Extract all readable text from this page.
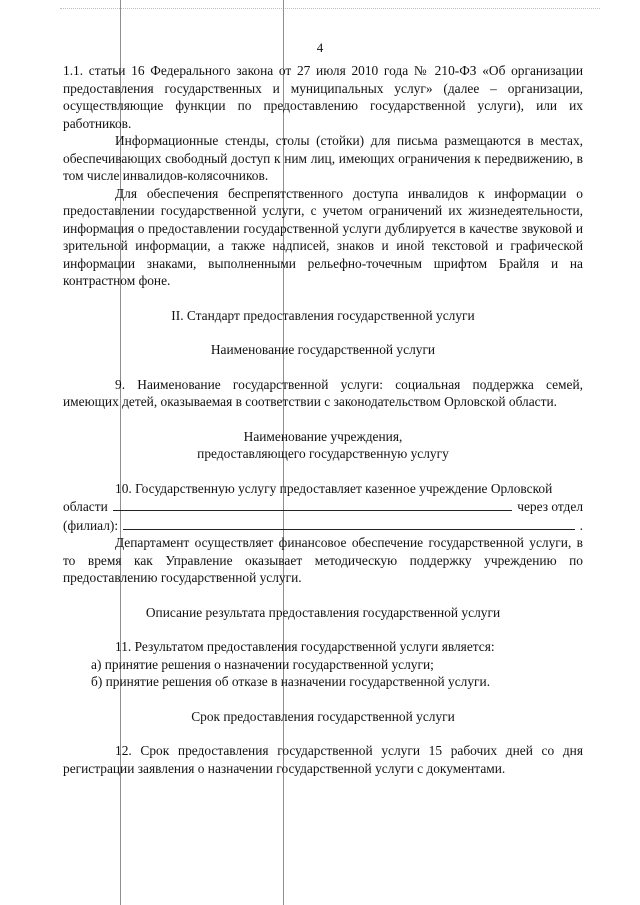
4

1.1. статьи 16 Федерального закона от 27 июля 2010 года № 210-ФЗ «Об организации предоставления государственных и муниципальных услуг» (далее – организации, осуществляющие функции по предоставлению государственной услуги), или их работников.

Информационные стенды, столы (стойки) для письма размещаются в местах, обеспечивающих свободный доступ к ним лиц, имеющих ограничения к передвижению, в том числе инвалидов-колясочников.

Для обеспечения беспрепятственного доступа инвалидов к информации о предоставлении государственной услуги, с учетом ограничений их жизнедеятельности, информация о предоставлении государственной услуги дублируется в качестве звуковой и зрительной информации, а также надписей, знаков и иной текстовой и графической информации знаками, выполненными рельефно-точечным шрифтом Брайля и на контрастном фоне.

II. Стандарт предоставления государственной услуги

Наименование государственной услуги

9. Наименование государственной услуги: социальная поддержка семей, имеющих детей, оказываемая в соответствии с законодательством Орловской области.

Наименование учреждения,

предоставляющего государственную услугу

10. Государственную услугу предоставляет казенное учреждение Орловской

области	через отдел
(филиал):	.

Департамент осуществляет финансовое обеспечение государственной услуги, в то время как Управление оказывает методическую поддержку учреждению по предоставлению государственной услуги.

Описание результата предоставления государственной услуги

11. Результатом предоставления государственной услуги является:

а) принятие решения о назначении государственной услуги;

б) принятие решения об отказе в назначении государственной услуги.

Срок предоставления государственной услуги

12. Срок предоставления государственной услуги 15 рабочих дней со дня регистрации заявления о назначении государственной услуги с документами.
